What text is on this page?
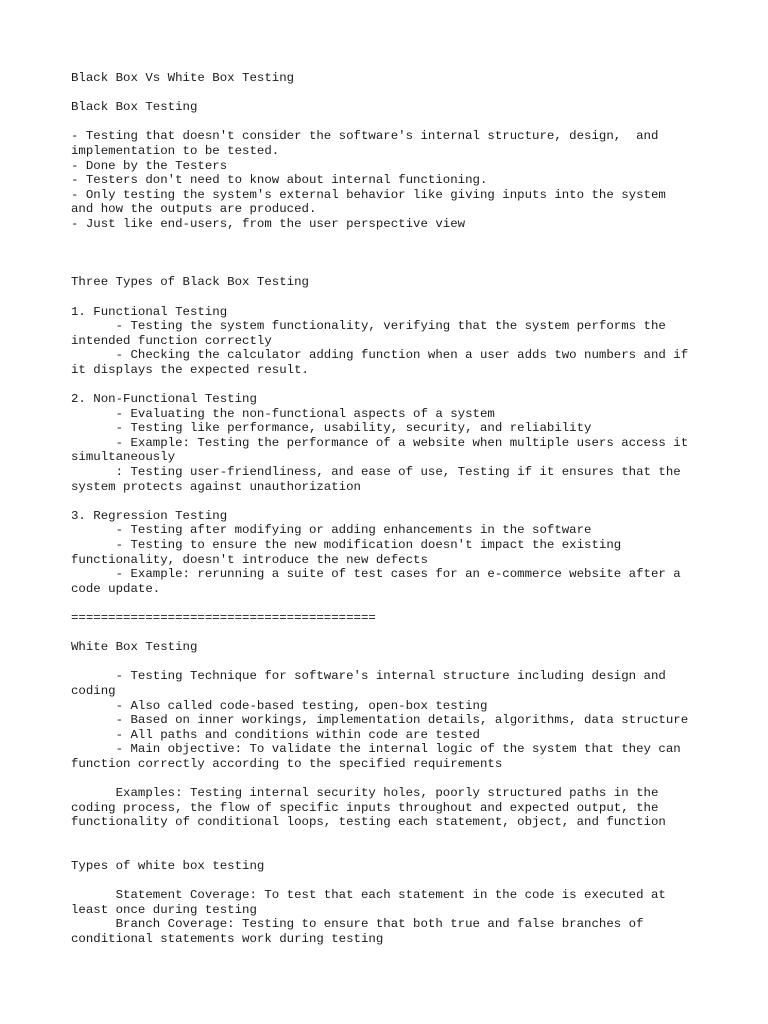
Black Box Vs White Box Testing
Black Box Testing
- Testing that doesn't consider the software's internal structure, design,  and
implementation to be tested.
- Done by the Testers
- Testers don't need to know about internal functioning.
- Only testing the system's external behavior like giving inputs into the system
and how the outputs are produced.
- Just like end-users, from the user perspective view
Three Types of Black Box Testing
1. Functional Testing
- Testing the system functionality, verifying that the system performs the
intended function correctly
- Checking the calculator adding function when a user adds two numbers and if
it displays the expected result.
2. Non-Functional Testing
- Evaluating the non-functional aspects of a system
- Testing like performance, usability, security, and reliability
- Example: Testing the performance of a website when multiple users access it
simultaneously
: Testing user-friendliness, and ease of use, Testing if it ensures that the
system protects against unauthorization
3. Regression Testing
- Testing after modifying or adding enhancements in the software
- Testing to ensure the new modification doesn't impact the existing
functionality, doesn't introduce the new defects
- Example: rerunning a suite of test cases for an e-commerce website after a
code update.
=========================================
White Box Testing
- Testing Technique for software's internal structure including design and
coding
- Also called code-based testing, open-box testing
- Based on inner workings, implementation details, algorithms, data structure
- All paths and conditions within code are tested
- Main objective: To validate the internal logic of the system that they can
function correctly according to the specified requirements
Examples: Testing internal security holes, poorly structured paths in the
coding process, the flow of specific inputs throughout and expected output, the
functionality of conditional loops, testing each statement, object, and function
Types of white box testing
Statement Coverage: To test that each statement in the code is executed at
least once during testing
Branch Coverage: Testing to ensure that both true and false branches of
conditional statements work during testing
